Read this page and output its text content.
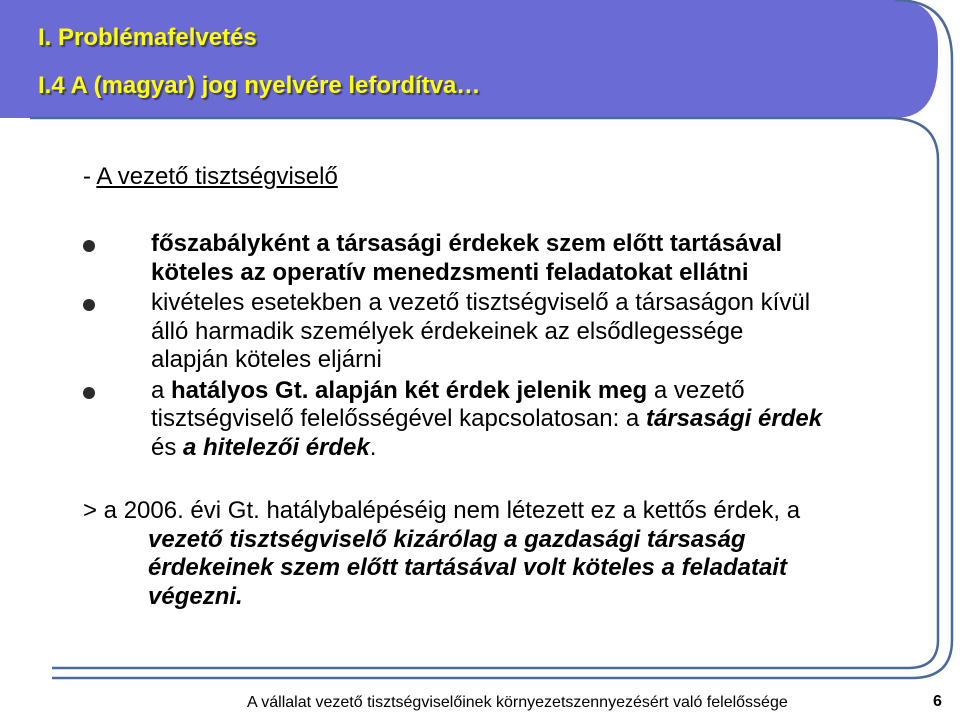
I. Problémafelvetés
I.4 A (magyar) jog nyelvére lefordítva…

- A vezető tisztségviselő

főszabályként a társasági érdekek szem előtt tartásával
köteles az operatív menedzsmenti feladatokat ellátni
kivételes esetekben a vezető tisztségviselő a társaságon kívül
álló harmadik személyek érdekeinek az elsődlegessége
alapján köteles eljárni
a hatályos Gt. alapján két érdek jelenik meg a vezető
tisztségviselő felelősségével kapcsolatosan: a társasági érdek
és a hitelezői érdek.

> a 2006. évi Gt. hatálybalépéséig nem létezett ez a kettős érdek, a
vezető tisztségviselő kizárólag a gazdasági társaság
érdekeinek szem előtt tartásával volt köteles a feladatait
végezni.

A vállalat vezető tisztségviselőinek környezetszennyezésért való felelőssége	6
